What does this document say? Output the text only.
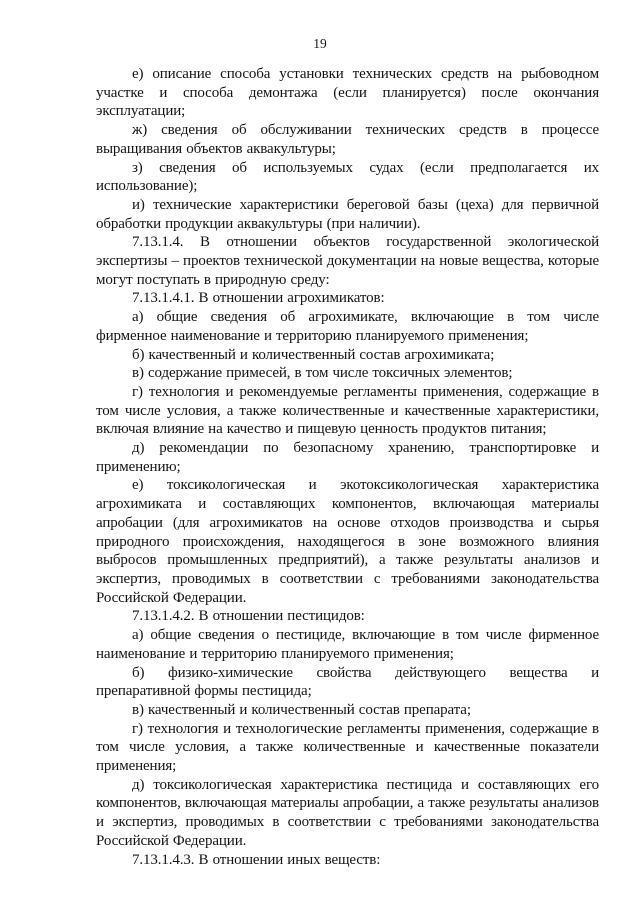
19

е) описание способа установки технических средств на рыбоводном участке и способа демонтажа (если планируется) после окончания эксплуатации;

ж) сведения об обслуживании технических средств в процессе выращивания объектов аквакультуры;

з) сведения об используемых судах (если предполагается их использование);

и) технические характеристики береговой базы (цеха) для первичной обработки продукции аквакультуры (при наличии).

7.13.1.4. В отношении объектов государственной экологической экспертизы – проектов технической документации на новые вещества, которые могут поступать в природную среду:

7.13.1.4.1. В отношении агрохимикатов:

а) общие сведения об агрохимикате, включающие в том числе фирменное наименование и территорию планируемого применения;

б) качественный и количественный состав агрохимиката;

в) содержание примесей, в том числе токсичных элементов;

г) технология и рекомендуемые регламенты применения, содержащие в том числе условия, а также количественные и качественные характеристики, включая влияние на качество и пищевую ценность продуктов питания;

д) рекомендации по безопасному хранению, транспортировке и применению;

е) токсикологическая и экотоксикологическая характеристика агрохимиката и составляющих компонентов, включающая материалы апробации (для агрохимикатов на основе отходов производства и сырья природного происхождения, находящегося в зоне возможного влияния выбросов промышленных предприятий), а также результаты анализов и экспертиз, проводимых в соответствии с требованиями законодательства Российской Федерации.

7.13.1.4.2. В отношении пестицидов:

а) общие сведения о пестициде, включающие в том числе фирменное наименование и территорию планируемого применения;

б) физико-химические свойства действующего вещества и препаративной формы пестицида;

в) качественный и количественный состав препарата;

г) технология и технологические регламенты применения, содержащие в том числе условия, а также количественные и качественные показатели применения;

д) токсикологическая характеристика пестицида и составляющих его компонентов, включающая материалы апробации, а также результаты анализов и экспертиз, проводимых в соответствии с требованиями законодательства Российской Федерации.

7.13.1.4.3. В отношении иных веществ:
